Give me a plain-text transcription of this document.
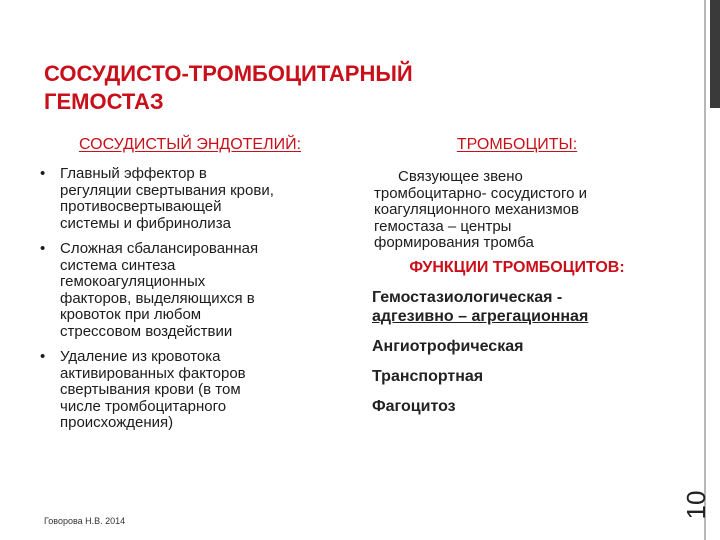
СОСУДИСТО-ТРОМБОЦИТАРНЫЙ
ГЕМОСТАЗ
СОСУДИСТЫЙ ЭНДОТЕЛИЙ:
• Главный эффектор в
регуляции свертывания крови,
противосвертывающей
системы и фибринолиза
• Сложная сбалансированная
система синтеза
гемокоагуляционных
факторов, выделяющихся в
кровоток при любом
стрессовом воздействии
• Удаление из кровотока
активированных факторов
свертывания крови (в том
числе тромбоцитарного
происхождения)
ТРОМБОЦИТЫ:
Связующее звено
тромбоцитарно- сосудистого и
коагуляционного механизмов
гемостаза – центры
формирования тромба
ФУНКЦИИ ТРОМБОЦИТОВ:
Гемостазиологическая -
адгезивно – агрегационная
Ангиотрофическая
Транспортная
Фагоцитоз
Говорова Н.В. 2014
10
